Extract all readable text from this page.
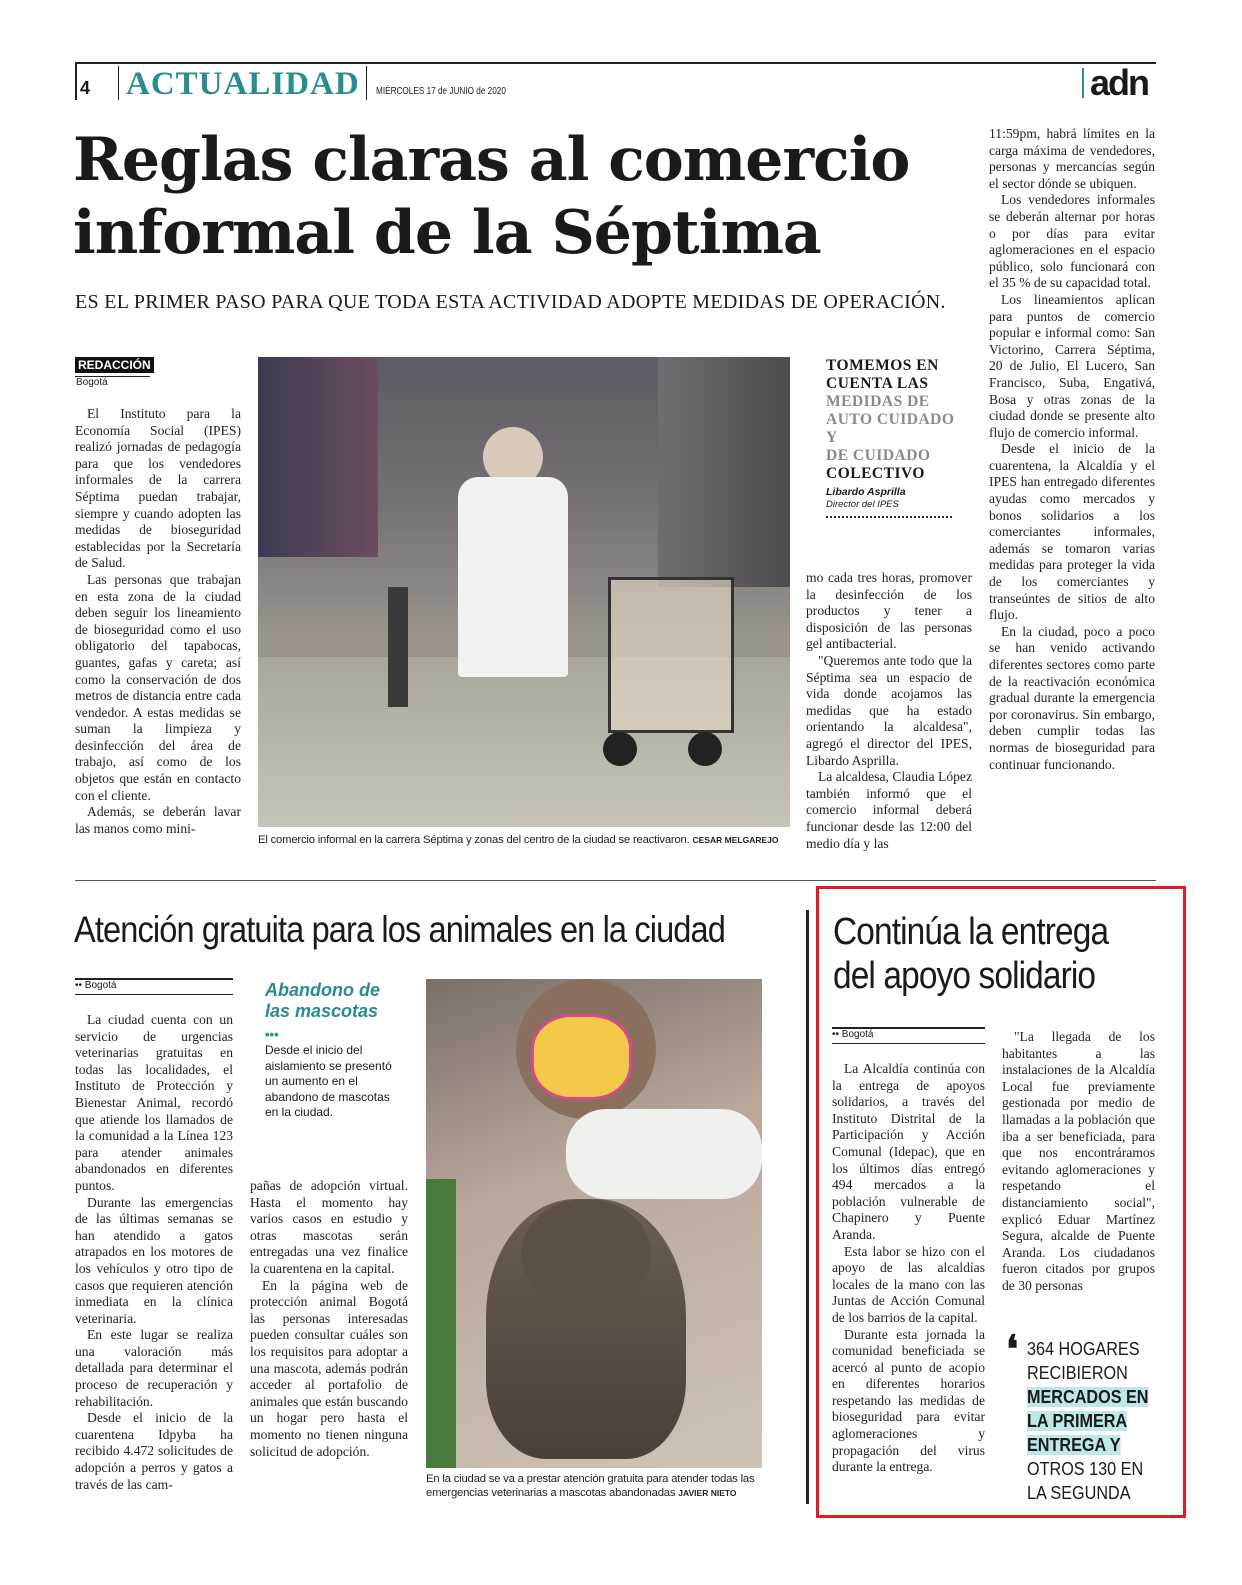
4 ACTUALIDAD MIÉRCOLES 17 de JUNIO de 2020	adn
Reglas claras al comercio
informal de la Séptima
ES EL PRIMER PASO PARA QUE TODA ESTA ACTIVIDAD ADOPTE MEDIDAS DE OPERACIÓN.
REDACCIÓN
Bogotá

El Instituto para la Economía Social (IPES) realizó jornadas de pedagogía para que los vendedores informales de la carrera Séptima puedan trabajar, siempre y cuando adopten las medidas de bioseguridad establecidas por la Secretaría de Salud.

Las personas que trabajan en esta zona de la ciudad deben seguir los lineamiento de bioseguridad como el uso obligatorio del tapabocas, guantes, gafas y careta; así como la conservación de dos metros de distancia entre cada vendedor. A estas medidas se suman la limpieza y desinfección del área de trabajo, así como de los objetos que están en contacto con el cliente.

Además, se deberán lavar las manos como mini-

El comercio informal en la carrera Séptima y zonas del centro de la ciudad se reactivaron. CESAR MELGAREJO
TOMEMOS EN CUENTA LAS
MEDIDAS DE AUTO CUIDADO Y
DE CUIDADO
COLECTIVO
Libardo Asprilla
Director del IPES

mo cada tres horas, promover la desinfección de los productos y tener a disposición de las personas gel antibacterial.

"Queremos ante todo que la Séptima sea un espacio de vida donde acojamos las medidas que ha estado orientando la alcaldesa", agregó el director del IPES, Libardo Asprilla.

La alcaldesa, Claudia López también informó que el comercio informal deberá funcionar desde las 12:00 del medio día y las

11:59pm, habrá límites en la carga máxima de vendedores, personas y mercancías según el sector dónde se ubiquen.

Los vendedores informales se deberán alternar por horas o por días para evitar aglomeraciones en el espacio público, solo funcionará con el 35 % de su capacidad total.

Los lineamientos aplican para puntos de comercio popular e informal como: San Victorino, Carrera Séptima, 20 de Julio, El Lucero, San Francisco, Suba, Engativá, Bosa y otras zonas de la ciudad donde se presente alto flujo de comercio informal.

Desde el inicio de la cuarentena, la Alcaldía y el IPES han entregado diferentes ayudas como mercados y bonos solidarios a los comerciantes informales, además se tomaron varias medidas para proteger la vida de los comerciantes y transeúntes de sitios de alto flujo.

En la ciudad, poco a poco se han venido activando diferentes sectores como parte de la reactivación económica gradual durante la emergencia por coronavirus. Sin embargo, deben cumplir todas las normas de bioseguridad para continuar funcionando.

Atención gratuita para los animales en la ciudad
•• Bogotá

La ciudad cuenta con un servicio de urgencias veterinarias gratuitas en todas las localidades, el Instituto de Protección y Bienestar Animal, recordó que atiende los llamados de la comunidad a la Línea 123 para atender animales abandonados en diferentes puntos.

Durante las emergencias de las últimas semanas se han atendido a gatos atrapados en los motores de los vehículos y otro tipo de casos que requieren atención inmediata en la clínica veterinaria.

En este lugar se realiza una valoración más detallada para determinar el proceso de recuperación y rehabilitación.

Desde el inicio de la cuarentena Idpyba ha recibido 4.472 solicitudes de adopción a perros y gatos a través de las cam-

Abandono de las mascotas
•••
Desde el inicio del aislamiento se presentó un aumento en el abandono de mascotas en la ciudad.

pañas de adopción virtual. Hasta el momento hay varios casos en estudio y otras mascotas serán entregadas una vez finalice la cuarentena en la capital.

En la página web de protección animal Bogotá las personas interesadas pueden consultar cuáles son los requisitos para adoptar a una mascota, además podrán acceder al portafolio de animales que están buscando un hogar pero hasta el momento no tienen ninguna solicitud de adopción.

En la ciudad se va a prestar atención gratuita para atender todas las emergencias veterinarias a mascotas abandonadas JAVIER NIETO
Continúa la entrega
del apoyo solidario
•• Bogotá

La Alcaldía continúa con la entrega de apoyos solidarios, a través del Instituto Distrital de la Participación y Acción Comunal (Idepac), que en los últimos días entregó 494 mercados a la población vulnerable de Chapinero y Puente Aranda.

Esta labor se hizo con el apoyo de las alcaldías locales de la mano con las Juntas de Acción Comunal de los barrios de la capital.

Durante esta jornada la comunidad beneficiada se acercó al punto de acopio en diferentes horarios respetando las medidas de bioseguridad para evitar aglomeraciones y propagación del virus durante la entrega.

"La llegada de los habitantes a las instalaciones de la Alcaldía Local fue previamente gestionada por medio de llamadas a la población que iba a ser beneficiada, para que nos encontráramos evitando aglomeraciones y respetando el distanciamiento social", explicó Eduar Martínez Segura, alcalde de Puente Aranda. Los ciudadanos fueron citados por grupos de 30 personas

❛ 364 HOGARES
RECIBIERON
MERCADOS EN
LA PRIMERA
ENTREGA Y
OTROS 130 EN
LA SEGUNDA
